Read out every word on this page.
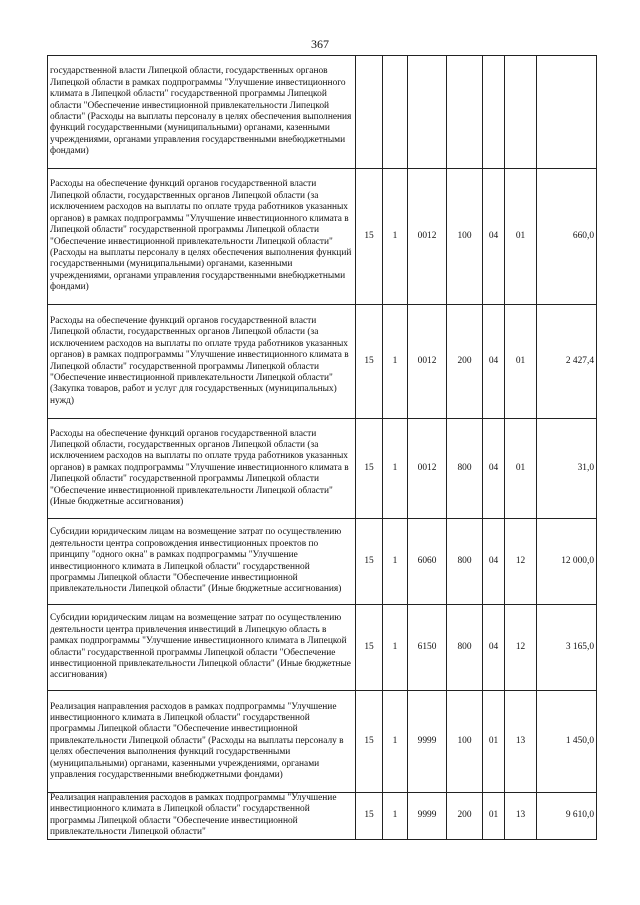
367
государственной власти Липецкой области, государственных органов Липецкой области в рамках подпрограммы "Улучшение инвестиционного климата в Липецкой области" государственной программы Липецкой области "Обеспечение инвестиционной привлекательности Липецкой области" (Расходы на выплаты персоналу в целях обеспечения выполнения функций государственными (муниципальными) органами, казенными учреждениями, органами управления государственными внебюджетными фондами)							
Расходы на обеспечение функций органов государственной власти Липецкой области, государственных органов Липецкой области (за исключением расходов на выплаты по оплате труда работников указанных органов) в рамках подпрограммы "Улучшение инвестиционного климата в Липецкой области" государственной программы Липецкой области "Обеспечение инвестиционной привлекательности Липецкой области" (Расходы на выплаты персоналу в целях обеспечения выполнения функций государственными (муниципальными) органами, казенными учреждениями, органами управления государственными внебюджетными фондами)	15	1	0012	100	04	01	660,0
Расходы на обеспечение функций органов государственной власти Липецкой области, государственных органов Липецкой области (за исключением расходов на выплаты по оплате труда работников указанных органов) в рамках подпрограммы "Улучшение инвестиционного климата в Липецкой области" государственной программы Липецкой области "Обеспечение инвестиционной привлекательности Липецкой области" (Закупка товаров, работ и услуг для государственных (муниципальных) нужд)	15	1	0012	200	04	01	2 427,4
Расходы на обеспечение функций органов государственной власти Липецкой области, государственных органов Липецкой области (за исключением расходов на выплаты по оплате труда работников указанных органов) в рамках подпрограммы "Улучшение инвестиционного климата в Липецкой области" государственной программы Липецкой области "Обеспечение инвестиционной привлекательности Липецкой области" (Иные бюджетные ассигнования)	15	1	0012	800	04	01	31,0
Субсидии юридическим лицам на возмещение затрат по осуществлению деятельности центра сопровождения инвестиционных проектов по принципу "одного окна" в рамках подпрограммы "Улучшение инвестиционного климата в Липецкой области" государственной программы Липецкой области "Обеспечение инвестиционной привлекательности Липецкой области" (Иные бюджетные ассигнования)	15	1	6060	800	04	12	12 000,0
Субсидии юридическим лицам на возмещение затрат по осуществлению деятельности центра привлечения инвестиций в Липецкую область в рамках подпрограммы "Улучшение инвестиционного климата в Липецкой области" государственной программы Липецкой области "Обеспечение инвестиционной привлекательности Липецкой области" (Иные бюджетные ассигнования)	15	1	6150	800	04	12	3 165,0
Реализация направления расходов в рамках подпрограммы "Улучшение инвестиционного климата в Липецкой области" государственной программы Липецкой области "Обеспечение инвестиционной привлекательности Липецкой области" (Расходы на выплаты персоналу в целях обеспечения выполнения функций государственными (муниципальными) органами, казенными учреждениями, органами управления государственными внебюджетными фондами)	15	1	9999	100	01	13	1 450,0
Реализация направления расходов в рамках подпрограммы "Улучшение инвестиционного климата в Липецкой области" государственной программы Липецкой области "Обеспечение инвестиционной привлекательности Липецкой области"	15	1	9999	200	01	13	9 610,0
